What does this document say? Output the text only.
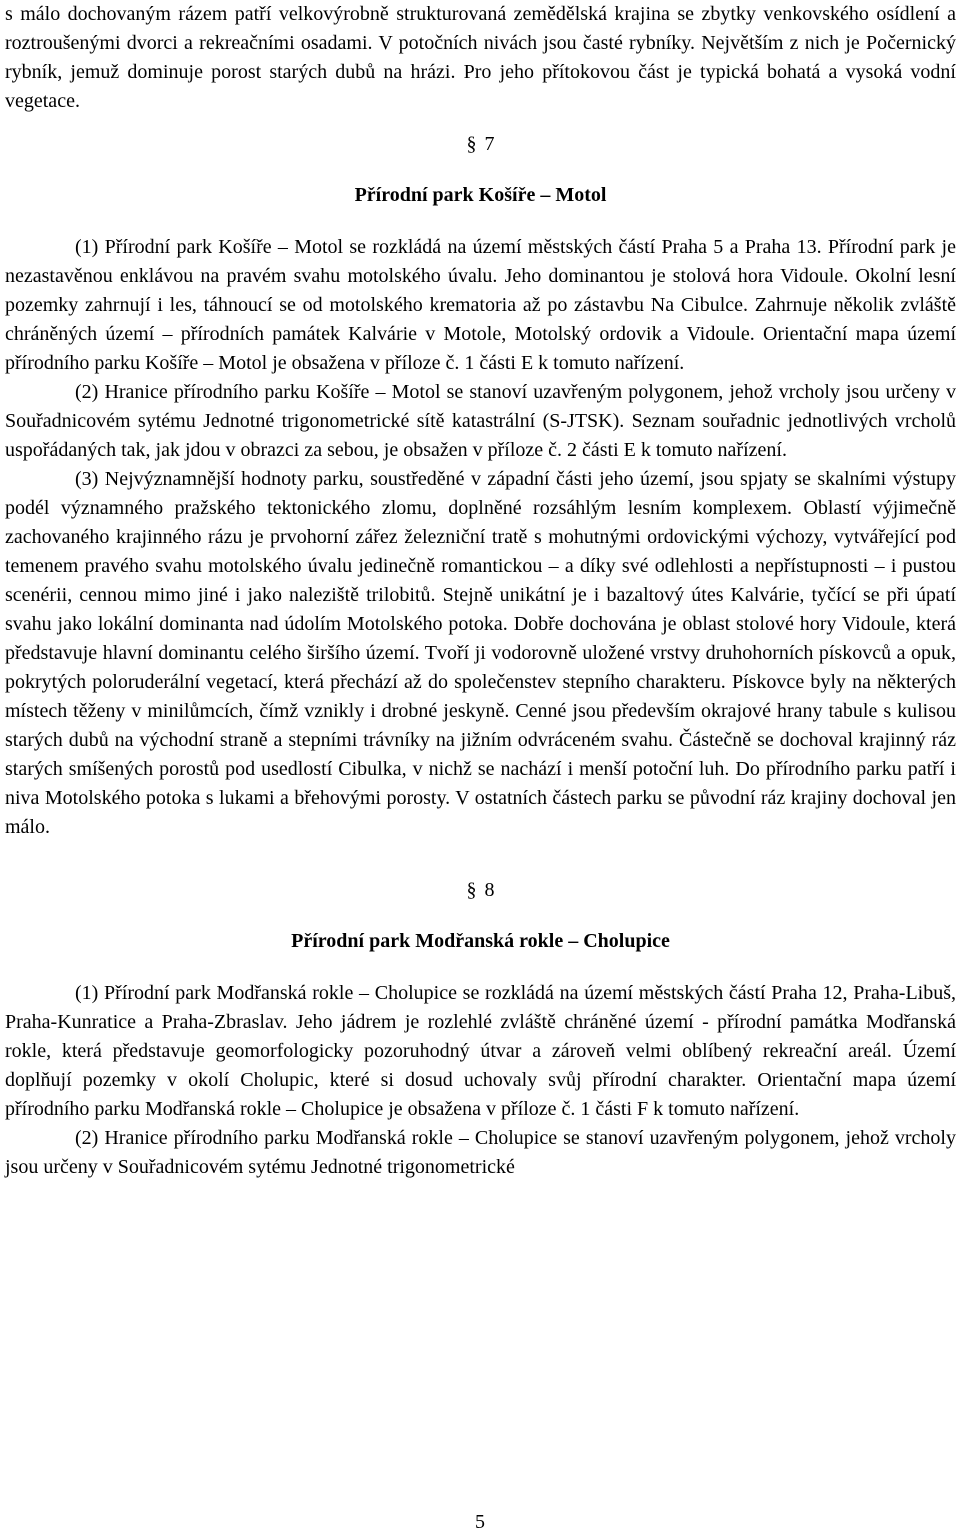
s málo dochovaným rázem patří velkovýrobně strukturovaná zemědělská krajina se zbytky venkovského osídlení a roztroušenými dvorci a rekreačními osadami. V potočních nivách jsou časté rybníky. Největším z nich je Počernický rybník, jemuž dominuje porost starých dubů na hrázi. Pro jeho přítokovou část je typická bohatá a vysoká vodní vegetace.

§ 7
Přírodní park Košíře – Motol

(1) Přírodní park Košíře – Motol se rozkládá na území městských částí Praha 5 a Praha 13. Přírodní park je nezastavěnou enklávou na pravém svahu motolského úvalu. Jeho dominantou je stolová hora Vidoule. Okolní lesní pozemky zahrnují i les, táhnoucí se od motolského krematoria až po zástavbu Na Cibulce. Zahrnuje několik zvláště chráněných území – přírodních památek Kalvárie v Motole, Motolský ordovik a Vidoule. Orientační mapa území přírodního parku Košíře – Motol je obsažena v příloze č. 1 části E k tomuto nařízení.

(2) Hranice přírodního parku Košíře – Motol se stanoví uzavřeným polygonem, jehož vrcholy jsou určeny v Souřadnicovém sytému Jednotné trigonometrické sítě katastrální (S-JTSK). Seznam souřadnic jednotlivých vrcholů uspořádaných tak, jak jdou v obrazci za sebou, je obsažen v příloze č. 2 části E k tomuto nařízení.

(3) Nejvýznamnější hodnoty parku, soustředěné v západní části jeho území, jsou spjaty se skalními výstupy podél významného pražského tektonického zlomu, doplněné rozsáhlým lesním komplexem. Oblastí výjimečně zachovaného krajinného rázu je prvohorní zářez železniční tratě s mohutnými ordovickými výchozy, vytvářející pod temenem pravého svahu motolského úvalu jedinečně romantickou – a díky své odlehlosti a nepřístupnosti – i pustou scenérii, cennou mimo jiné i jako naleziště trilobitů. Stejně unikátní je i bazaltový útes Kalvárie, tyčící se při úpatí svahu jako lokální dominanta nad údolím Motolského potoka. Dobře dochována je oblast stolové hory Vidoule, která představuje hlavní dominantu celého širšího území. Tvoří ji vodorovně uložené vrstvy druhohorních pískovců a opuk, pokrytých poloruderální vegetací, která přechází až do společenstev stepního charakteru. Pískovce byly na některých místech těženy v minilůmcích, čímž vznikly i drobné jeskyně. Cenné jsou především okrajové hrany tabule s kulisou starých dubů na východní straně a stepními trávníky na jižním odvráceném svahu. Částečně se dochoval krajinný ráz starých smíšených porostů pod usedlostí Cibulka, v nichž se nachází i menší potoční luh. Do přírodního parku patří i niva Motolského potoka s lukami a břehovými porosty. V ostatních částech parku se původní ráz krajiny dochoval jen málo.

§ 8
Přírodní park Modřanská rokle – Cholupice

(1) Přírodní park Modřanská rokle – Cholupice se rozkládá na území městských částí Praha 12, Praha-Libuš, Praha-Kunratice a Praha-Zbraslav. Jeho jádrem je rozlehlé zvláště chráněné území - přírodní památka Modřanská rokle, která představuje geomorfologicky pozoruhodný útvar a zároveň velmi oblíbený rekreační areál. Území doplňují pozemky v okolí Cholupic, které si dosud uchovaly svůj přírodní charakter. Orientační mapa území přírodního parku Modřanská rokle – Cholupice je obsažena v příloze č. 1 části F k tomuto nařízení.

(2) Hranice přírodního parku Modřanská rokle – Cholupice se stanoví uzavřeným polygonem, jehož vrcholy jsou určeny v Souřadnicovém sytému Jednotné trigonometrické

5
